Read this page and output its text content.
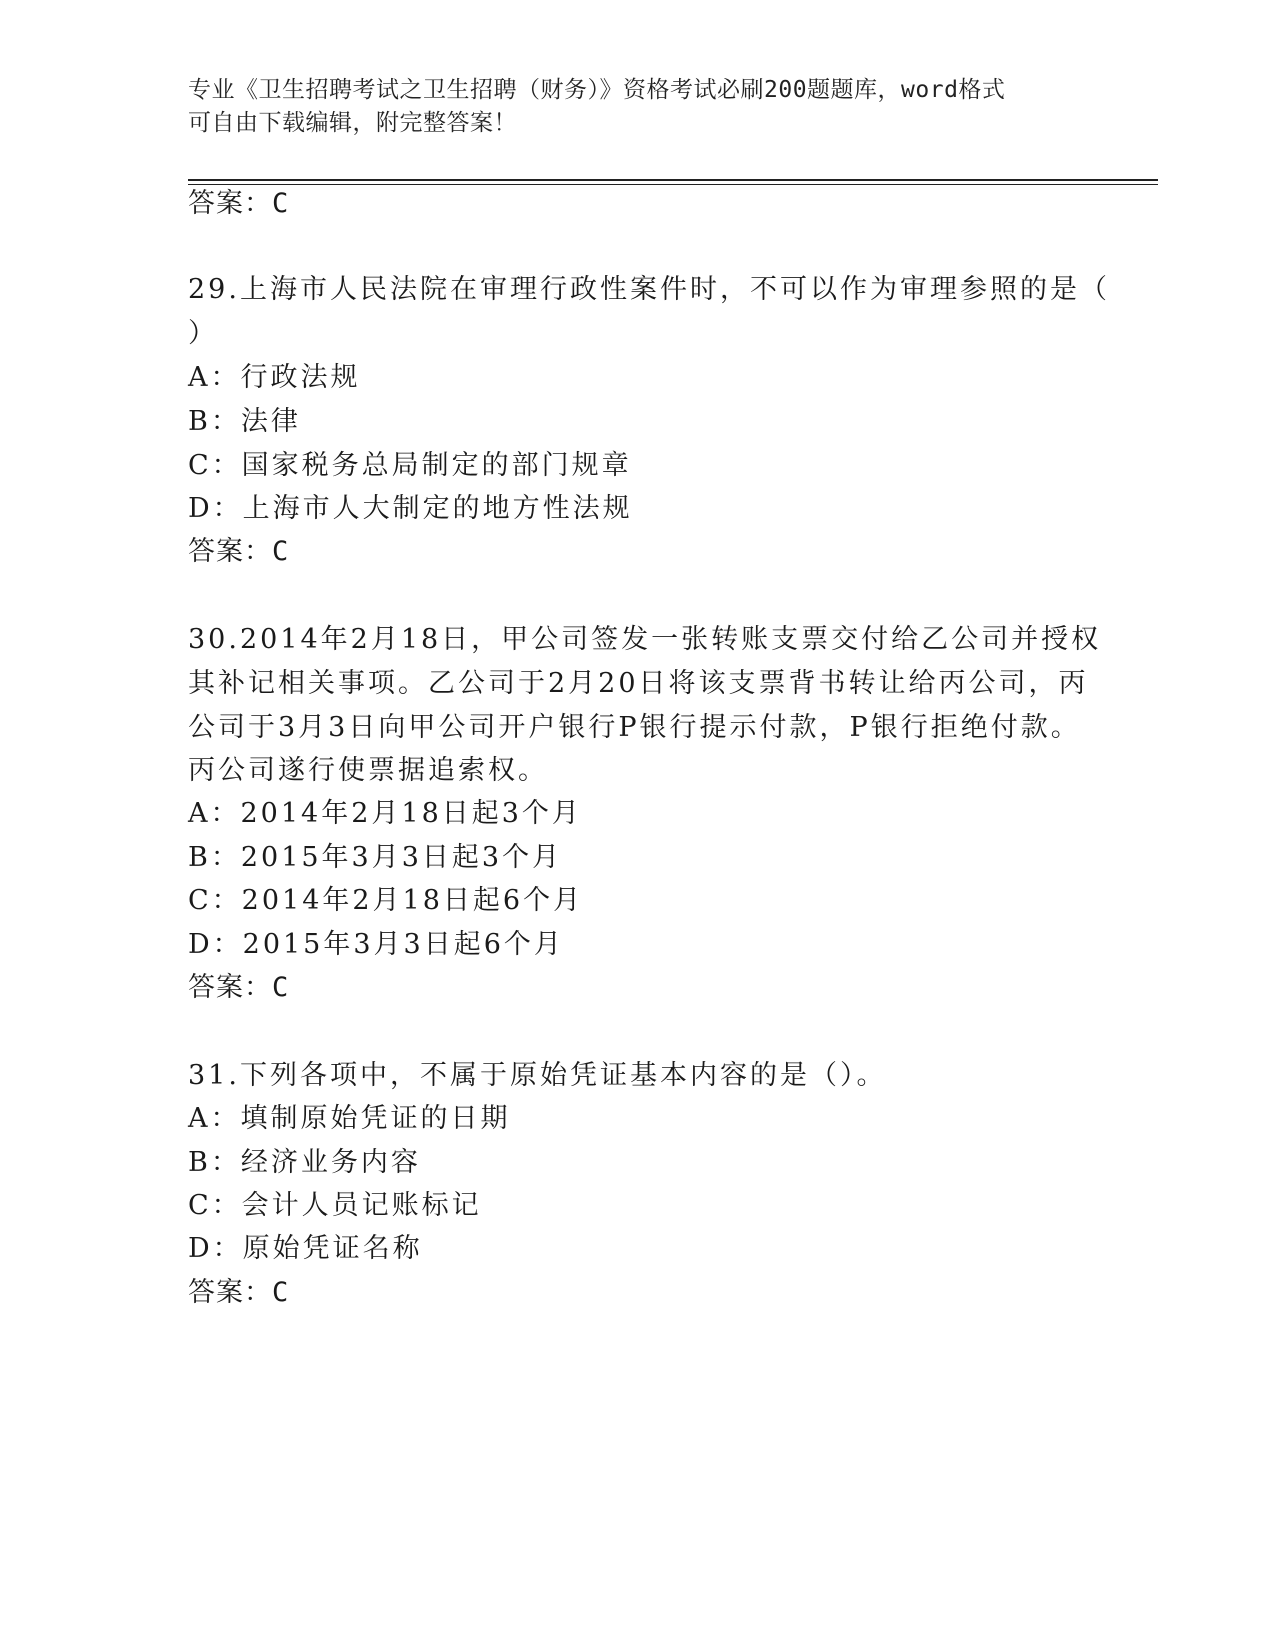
专业《卫生招聘考试之卫生招聘（财务）》资格考试必刷200题题库，word格式
可自由下载编辑，附完整答案！
答案：C
29.上海市人民法院在审理行政性案件时，不可以作为审理参照的是（
）
A：行政法规
B：法律
C：国家税务总局制定的部门规章
D：上海市人大制定的地方性法规
答案：C
30.2014年2月18日，甲公司签发一张转账支票交付给乙公司并授权
其补记相关事项。乙公司于2月20日将该支票背书转让给丙公司，丙
公司于3月3日向甲公司开户银行P银行提示付款，P银行拒绝付款。
丙公司遂行使票据追索权。
A：2014年2月18日起3个月
B：2015年3月3日起3个月
C：2014年2月18日起6个月
D：2015年3月3日起6个月
答案：C
31.下列各项中，不属于原始凭证基本内容的是（）。
A：填制原始凭证的日期
B：经济业务内容
C：会计人员记账标记
D：原始凭证名称
答案：C
